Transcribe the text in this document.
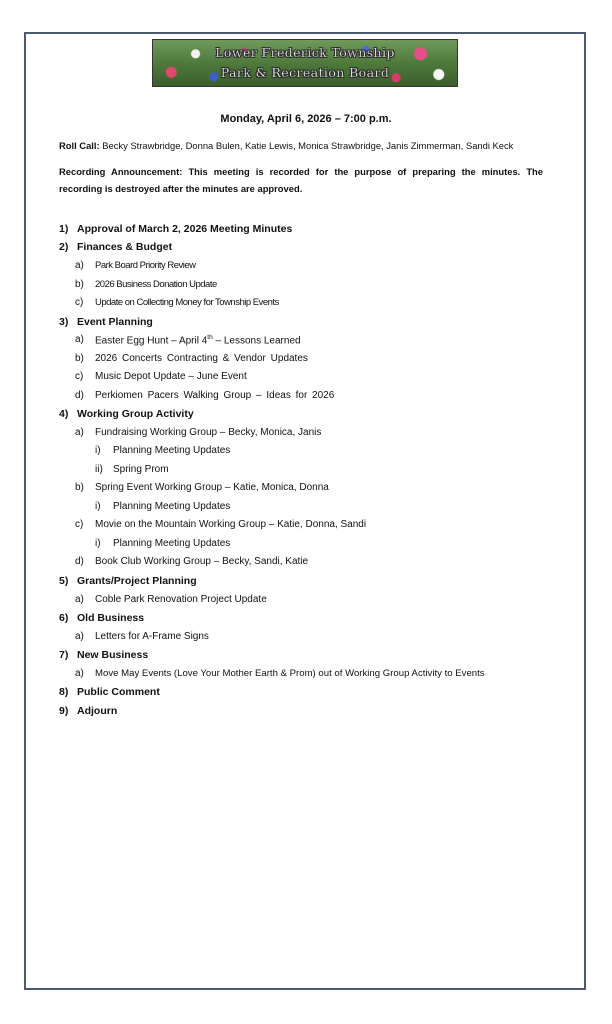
Lower Frederick Township
Park & Recreation Board
Monday, April 6, 2026 – 7:00 p.m.
Roll Call: Becky Strawbridge, Donna Bulen, Katie Lewis, Monica Strawbridge, Janis Zimmerman, Sandi Keck
Recording Announcement: This meeting is recorded for the purpose of preparing the minutes. The recording is destroyed after the minutes are approved.
1) Approval of March 2, 2026 Meeting Minutes
2) Finances & Budget
a) Park Board Priority Review
b) 2026 Business Donation Update
c) Update on Collecting Money for Township Events
3) Event Planning
a) Easter Egg Hunt – April 4th – Lessons Learned
b) 2026 Concerts Contracting & Vendor Updates
c) Music Depot Update – June Event
d) Perkiomen Pacers Walking Group – Ideas for 2026
4) Working Group Activity
a) Fundraising Working Group – Becky, Monica, Janis
i) Planning Meeting Updates
ii) Spring Prom
b) Spring Event Working Group – Katie, Monica, Donna
i) Planning Meeting Updates
c) Movie on the Mountain Working Group – Katie, Donna, Sandi
i) Planning Meeting Updates
d) Book Club Working Group – Becky, Sandi, Katie
5) Grants/Project Planning
a) Coble Park Renovation Project Update
6) Old Business
a) Letters for A-Frame Signs
7) New Business
a) Move May Events (Love Your Mother Earth & Prom) out of Working Group Activity to Events
8) Public Comment
9) Adjourn
